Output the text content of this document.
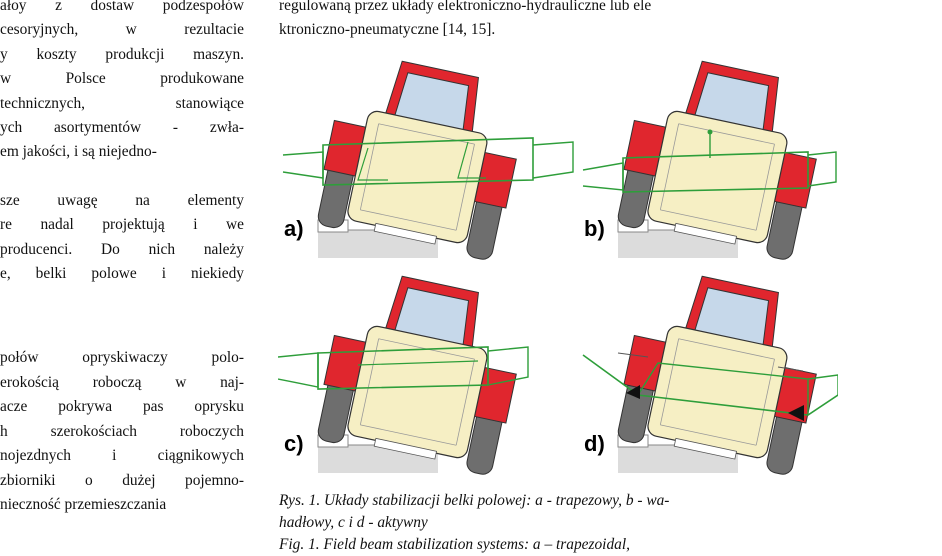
ałoy z dostaw podzespołów

cesoryjnych, w rezultacie

y koszty produkcji maszyn.

w Polsce produkowane

technicznych, stanowiące

ych asortymentów - zwła-

em jakości, i są niejedno-

sze uwagę na elementy

re nadal projektują i we

producenci. Do nich należy

e, belki polowe i niekiedy

połów opryskiwaczy polo-

erokością roboczą w naj-

acze pokrywa pas oprysku

h szerokościach roboczych

nojezdnych i ciągnikowych

zbiorniki o dużej pojemno-

nieczność przemieszczania

regulowaną przez układy elektroniczno-hydrauliczne lub ele

ktroniczno-pneumatyczne [14, 15].

a)	b)
c)	d)
Rys. 1. Układy stabilizacji belki polowej: a - trapezowy, b - wa-
hadłowy, c i d - aktywny
Fig. 1. Field beam stabilization systems: a – trapezoidal,
